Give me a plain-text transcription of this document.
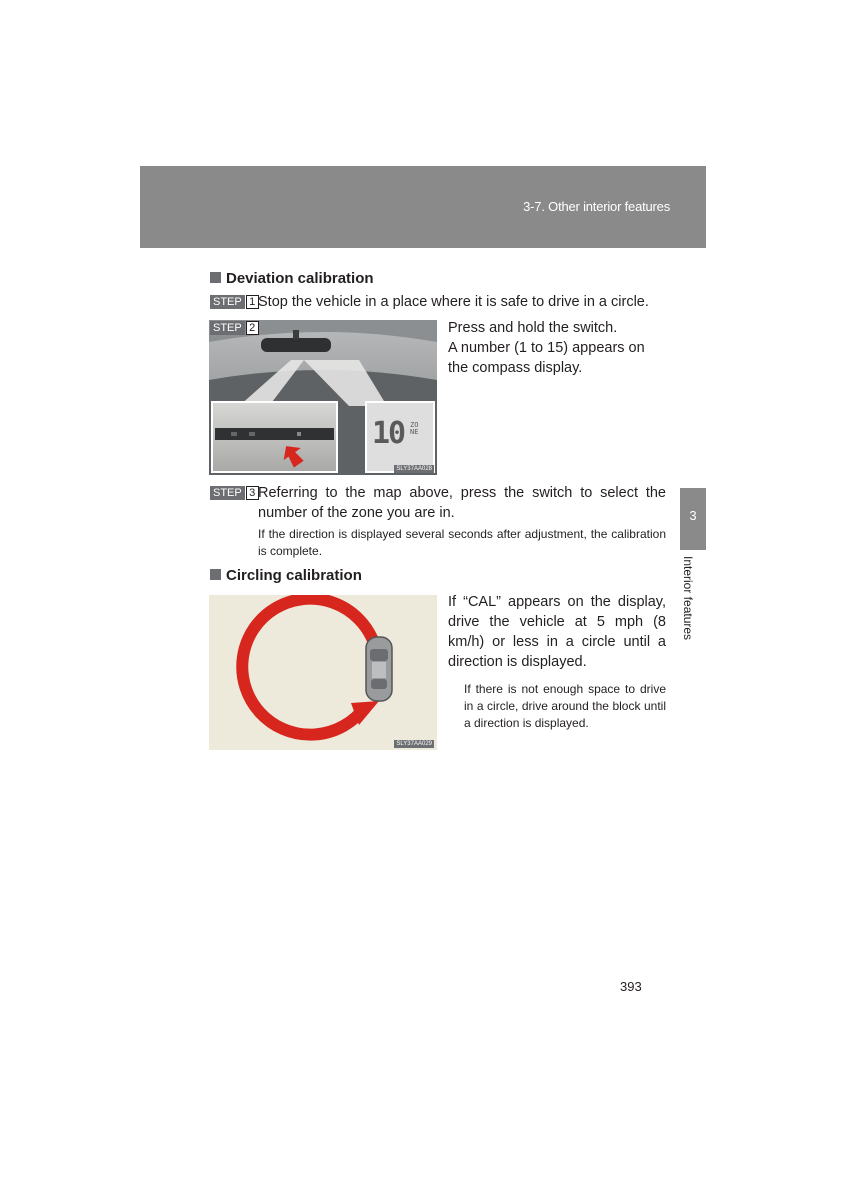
3-7. Other interior features
Deviation calibration
STEP 1 Stop the vehicle in a place where it is safe to drive in a circle.
STEP 2
10 ZONE
SLY37AA028
Press and hold the switch.
A number (1 to 15) appears on the compass display.
STEP 3 Referring to the map above, press the switch to select the number of the zone you are in.
If the direction is displayed several seconds after adjustment, the calibration is complete.
Circling calibration
SLY37AA029
If “CAL” appears on the display, drive the vehicle at 5 mph (8 km/h) or less in a circle until a direction is displayed.
If there is not enough space to drive in a circle, drive around the block until a direction is displayed.
3
Interior features
393
